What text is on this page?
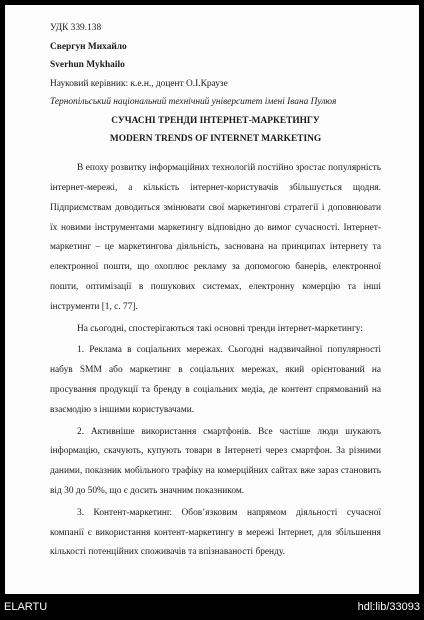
УДК 339.138
Свергун Михайло
Sverhun Mykhailo
Науковий керівник: к.е.н., доцент О.І.Краузе
Тернопільський національний технічний університет імені Івана Пулюя
СУЧАСНІ ТРЕНДИ ІНТЕРНЕТ-МАРКЕТИНГУ
MODERN TRENDS OF INTERNET MARKETING

В епоху розвитку інформаційних технологій постійно зростає популярність інтернет-мережі, а кількість інтернет-користувачів збільшується щодня. Підприємствам доводиться змінювати свої маркетингові стратегії і доповнювати їх новими інструментами маркетингу відповідно до вимог сучасності. Інтернет-маркетинг – це маркетингова діяльність, заснована на принципах інтернету та електронної пошти, що охоплює рекламу за допомогою банерів, електронної пошти, оптимізації в пошукових системах, електронну комерцію та інші інструменти [1, с. 77].

На сьогодні, спостерігаються такі основні тренди інтернет-маркетингу:

1. Реклама в соціальних мережах. Сьогодні надзвичайної популярності набув SMM або маркетинг в соціальних мережах, який орієнтований на просування продукції та бренду в соціальних медіа, де контент спрямований на взаємодію з іншими користувачами.

2. Активніше використання смартфонів. Все частіше люди шукають інформацію, скачують, купують товари в Інтернеті через смартфон. За різними даними, показник мобільного трафіку на комерційних сайтах вже зараз становить від 30 до 50%, що є досить значним показником.

3. Контент-маркетинг. Обов’язковим напрямом діяльності сучасної компанії є використання контент-маркетингу в мережі Інтернет, для збільшення кількості потенційних споживачів та впізнаваності бренду.

ELARTU	hdl:lib/33093
